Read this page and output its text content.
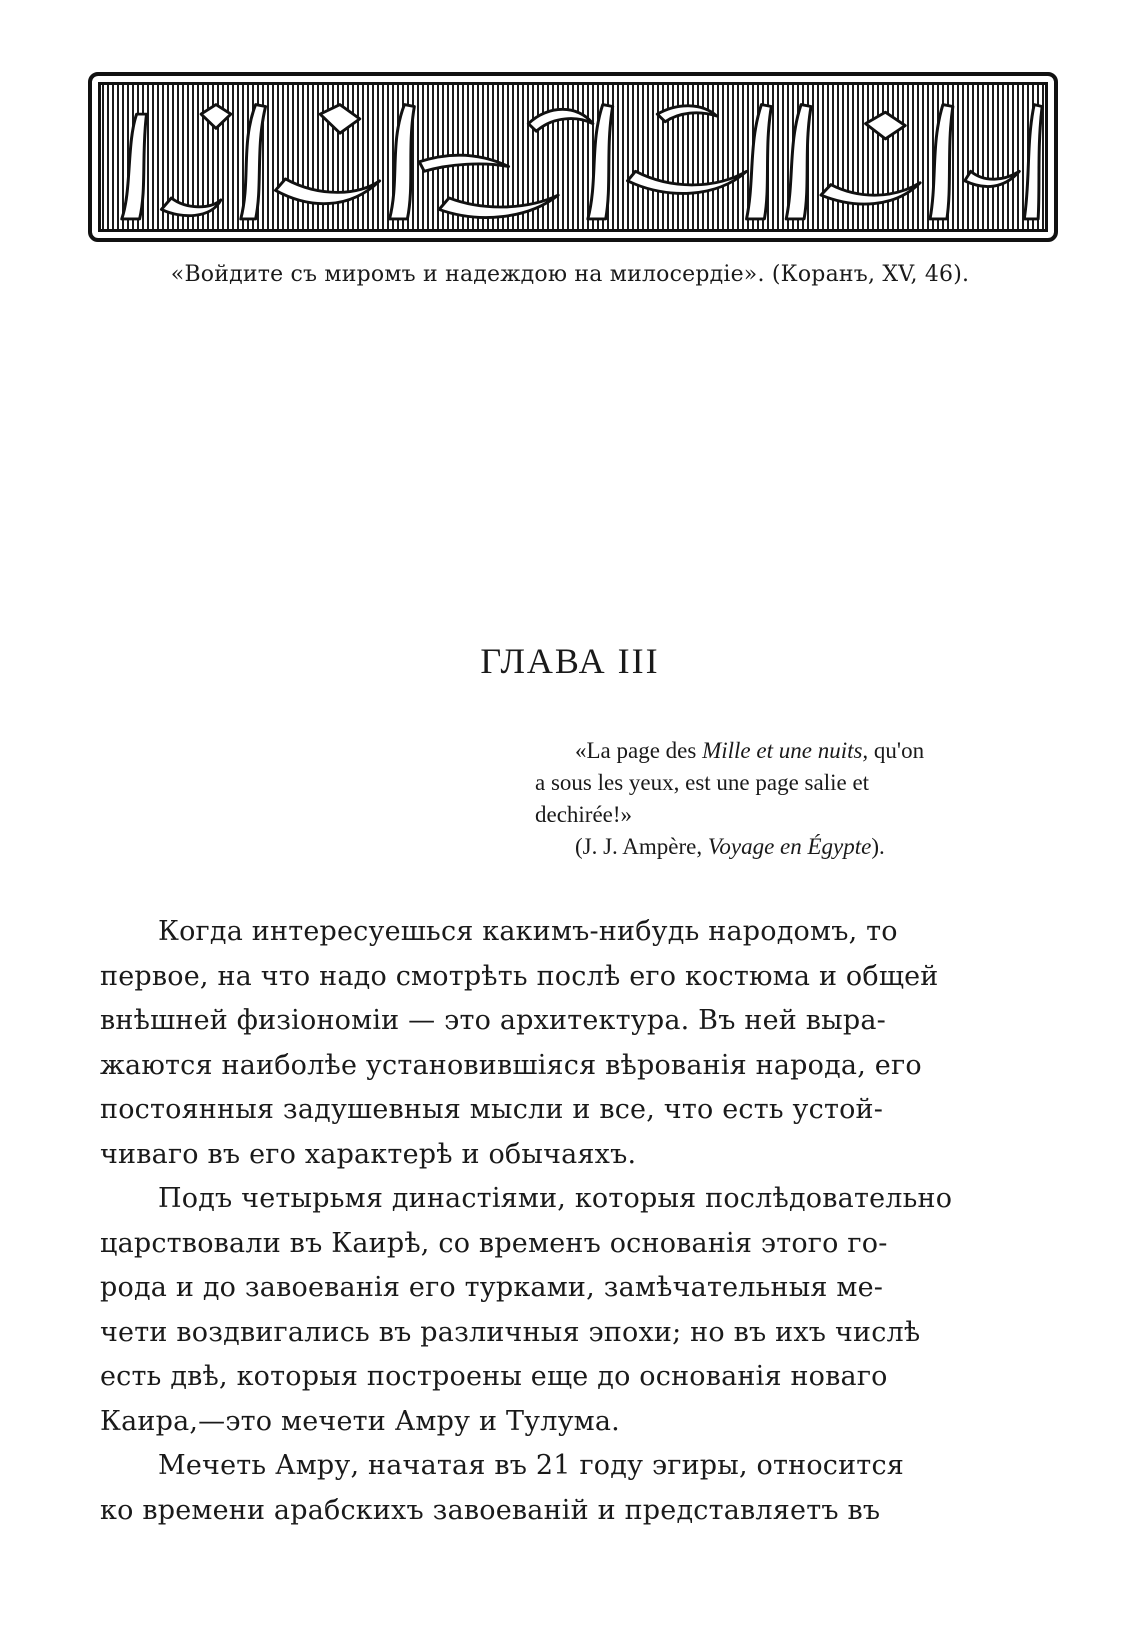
«Войдите съ миромъ и надеждою на милосердіе». (Коранъ, XV, 46).
ГЛАВА III

«La page des Mille et une nuits, qu'on

a sous les yeux, est une page salie et

dechirée!»

(J. J. Ampère, Voyage en Égypte).

Когда интересуешься какимъ-нибудь народомъ, то
первое, на что надо смотрѣть послѣ его костюма и общей
внѣшней физіономіи — это архитектура. Въ ней выра-
жаются наиболѣе установившіяся вѣрованія народа, его
постоянныя задушевныя мысли и все, что есть устой-
чиваго въ его характерѣ и обычаяхъ.

Подъ четырьмя династіями, которыя послѣдовательно
царствовали въ Каирѣ, со временъ основанія этого го-
рода и до завоеванія его турками, замѣчательныя ме-
чети воздвигались въ различныя эпохи; но въ ихъ числѣ
есть двѣ, которыя построены еще до основанія новаго
Каира,—это мечети Амру и Тулума.

Мечеть Амру, начатая въ 21 году эгиры, относится
ко времени арабскихъ завоеваній и представляетъ въ
